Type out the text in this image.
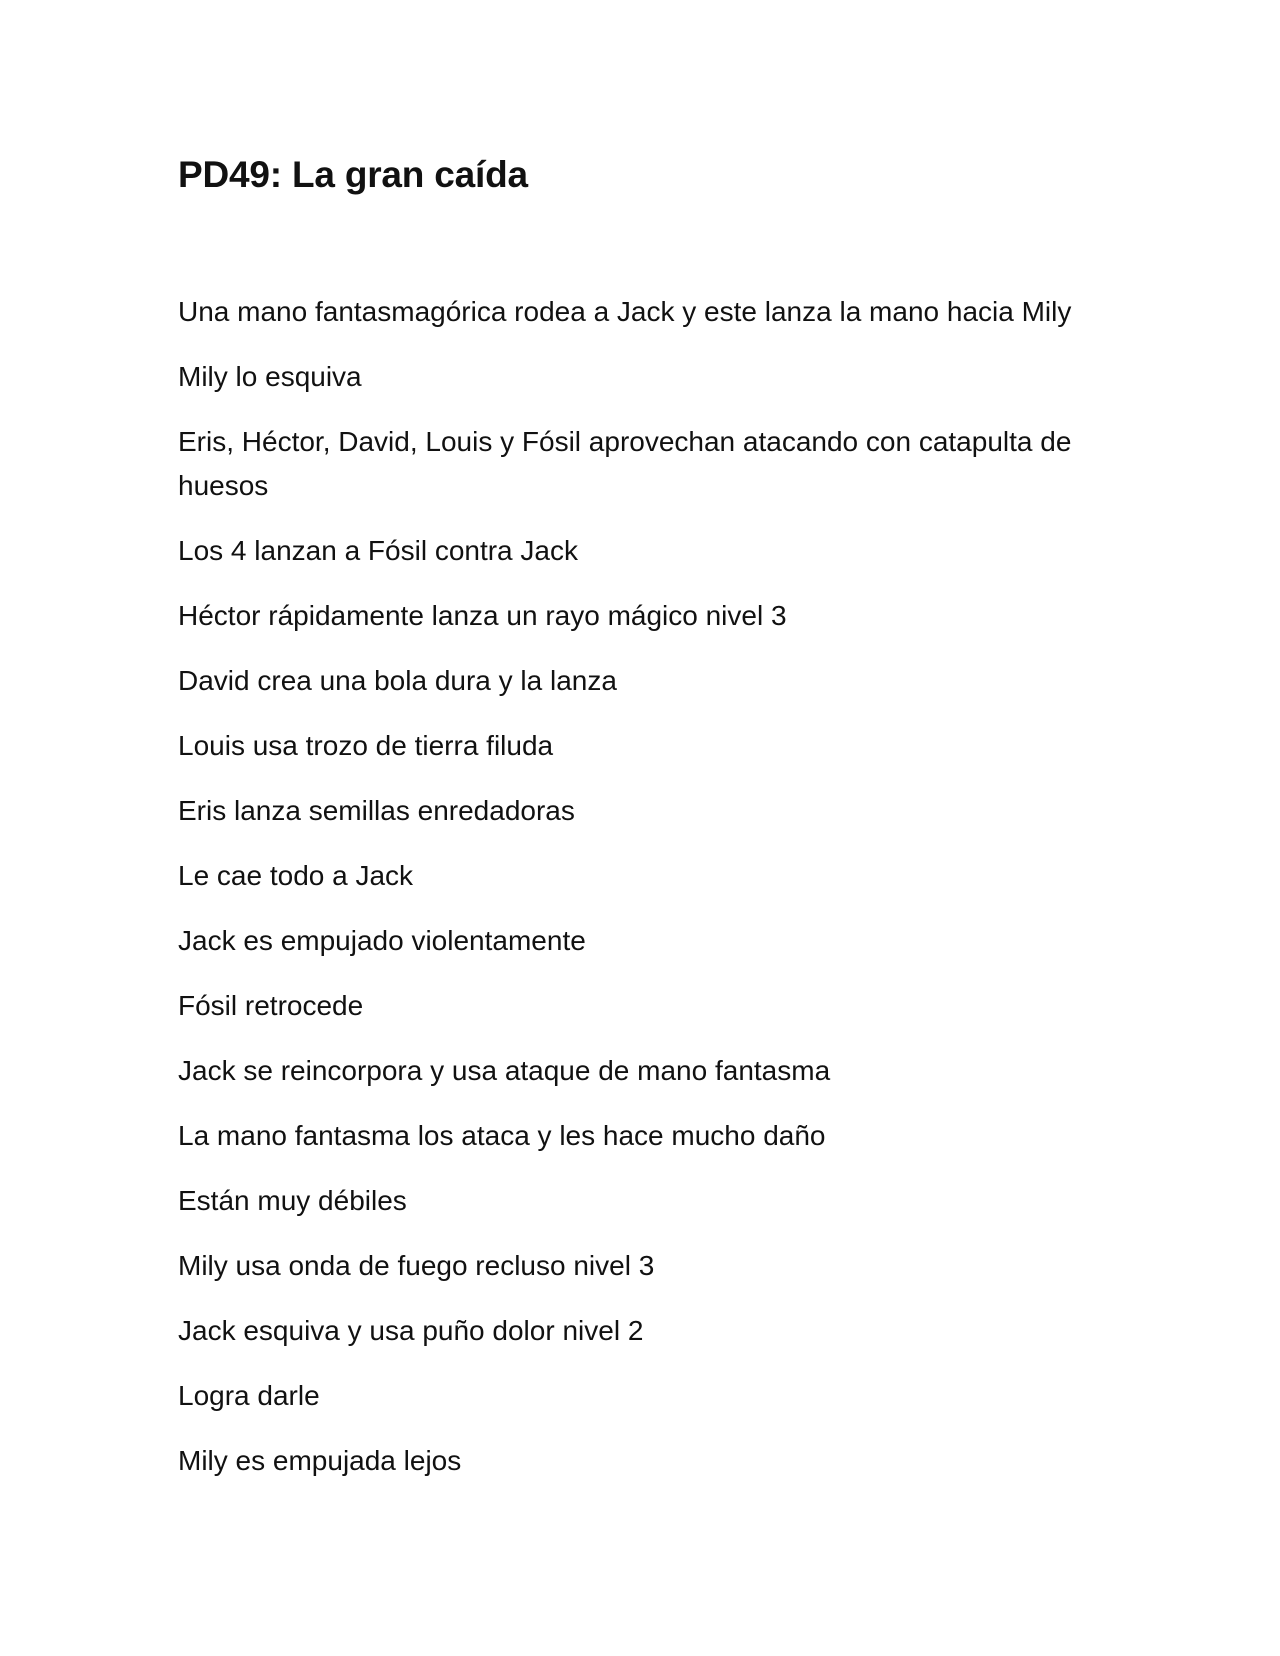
PD49: La gran caída

Una mano fantasmagórica rodea a Jack y este lanza la mano hacia Mily

Mily lo esquiva

Eris, Héctor, David, Louis y Fósil aprovechan atacando con catapulta de huesos

Los 4 lanzan a Fósil contra Jack

Héctor rápidamente lanza un rayo mágico nivel 3

David crea una bola dura y la lanza

Louis usa trozo de tierra filuda

Eris lanza semillas enredadoras

Le cae todo a Jack

Jack es empujado violentamente

Fósil retrocede

Jack se reincorpora y usa ataque de mano fantasma

La mano fantasma los ataca y les hace mucho daño

Están muy débiles

Mily usa onda de fuego recluso nivel 3

Jack esquiva y usa puño dolor nivel 2

Logra darle

Mily es empujada lejos
